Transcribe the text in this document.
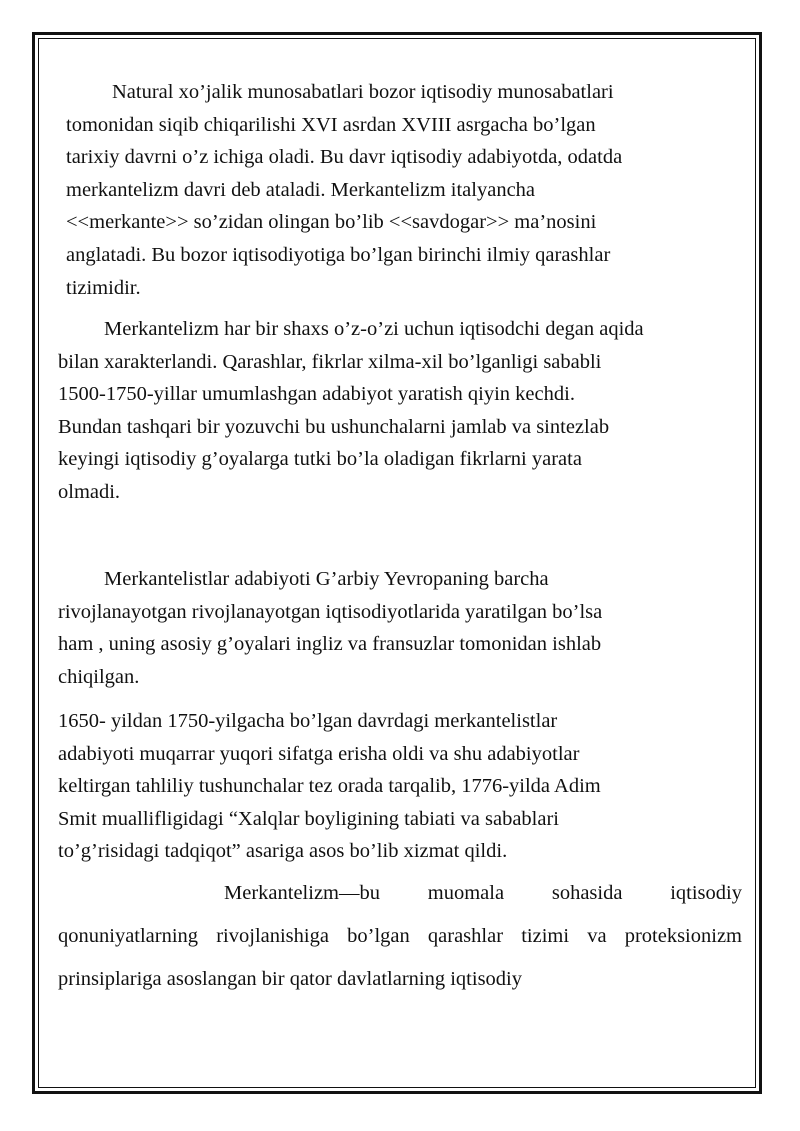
Natural xo’jalik munosabatlari bozor iqtisodiy munosabatlari
tomonidan siqib chiqarilishi XVI asrdan XVIII asrgacha bo’lgan
tarixiy davrni o’z ichiga oladi. Bu davr iqtisodiy adabiyotda, odatda
merkantelizm davri deb ataladi. Merkantelizm italyancha
<<merkante>> so’zidan olingan bo’lib <<savdogar>> ma’nosini
anglatadi. Bu bozor iqtisodiyotiga bo’lgan birinchi ilmiy qarashlar
tizimidir.
Merkantelizm har bir shaxs o’z-o’zi uchun iqtisodchi degan aqida
bilan xarakterlandi. Qarashlar, fikrlar xilma-xil bo’lganligi sababli
1500-1750-yillar umumlashgan adabiyot yaratish qiyin kechdi.
Bundan tashqari bir yozuvchi bu ushunchalarni jamlab va sintezlab
keyingi iqtisodiy g’oyalarga tutki bo’la oladigan fikrlarni yarata
olmadi.
Merkantelistlar adabiyoti G’arbiy Yevropaning barcha
rivojlanayotgan rivojlanayotgan iqtisodiyotlarida yaratilgan bo’lsa
ham , uning asosiy g’oyalari ingliz va fransuzlar tomonidan ishlab
chiqilgan.
1650- yildan 1750-yilgacha bo’lgan davrdagi merkantelistlar
adabiyoti muqarrar yuqori sifatga erisha oldi va shu adabiyotlar
keltirgan tahliliy tushunchalar tez orada tarqalib, 1776-yilda Adim
Smit muallifligidagi “Xalqlar boyligining tabiati va sabablari
to’g’risidagi tadqiqot” asariga asos bo’lib xizmat qildi.

Merkantelizm—bu muomala sohasida iqtisodiy qonuniyatlarning rivojlanishiga bo’lgan qarashlar tizimi va proteksionizm prinsiplariga asoslangan bir qator davlatlarning iqtisodiy
